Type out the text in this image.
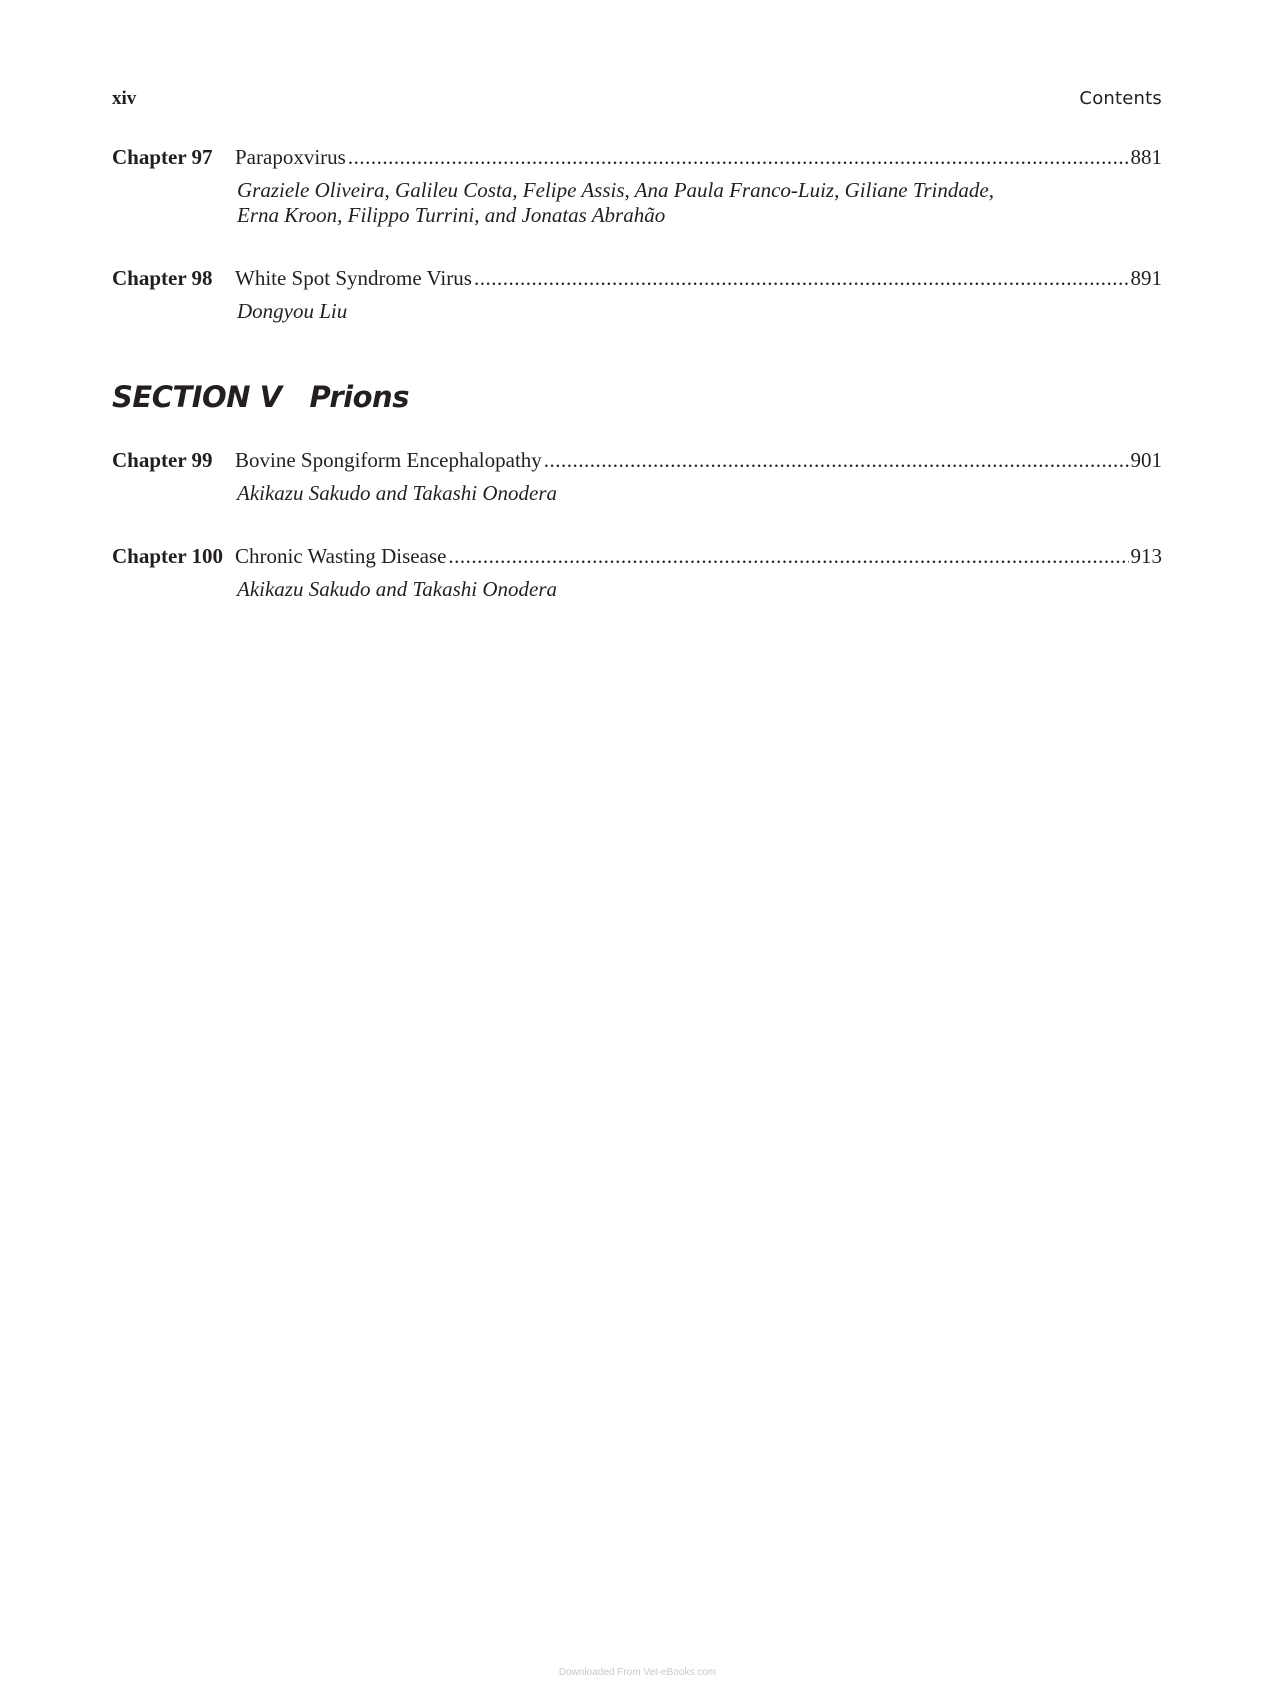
xiv	Contents
Chapter 97 Parapoxvirus .....	881
Graziele Oliveira, Galileu Costa, Felipe Assis, Ana Paula Franco-Luiz, Giliane Trindade, Erna Kroon, Filippo Turrini, and Jonatas Abrahão
Chapter 98 White Spot Syndrome Virus .....	891
Dongyou Liu
SECTION V Prions
Chapter 99 Bovine Spongiform Encephalopathy .....	901
Akikazu Sakudo and Takashi Onodera
Chapter 100 Chronic Wasting Disease .....	913
Akikazu Sakudo and Takashi Onodera
Downloaded From Vet-eBooks.com
